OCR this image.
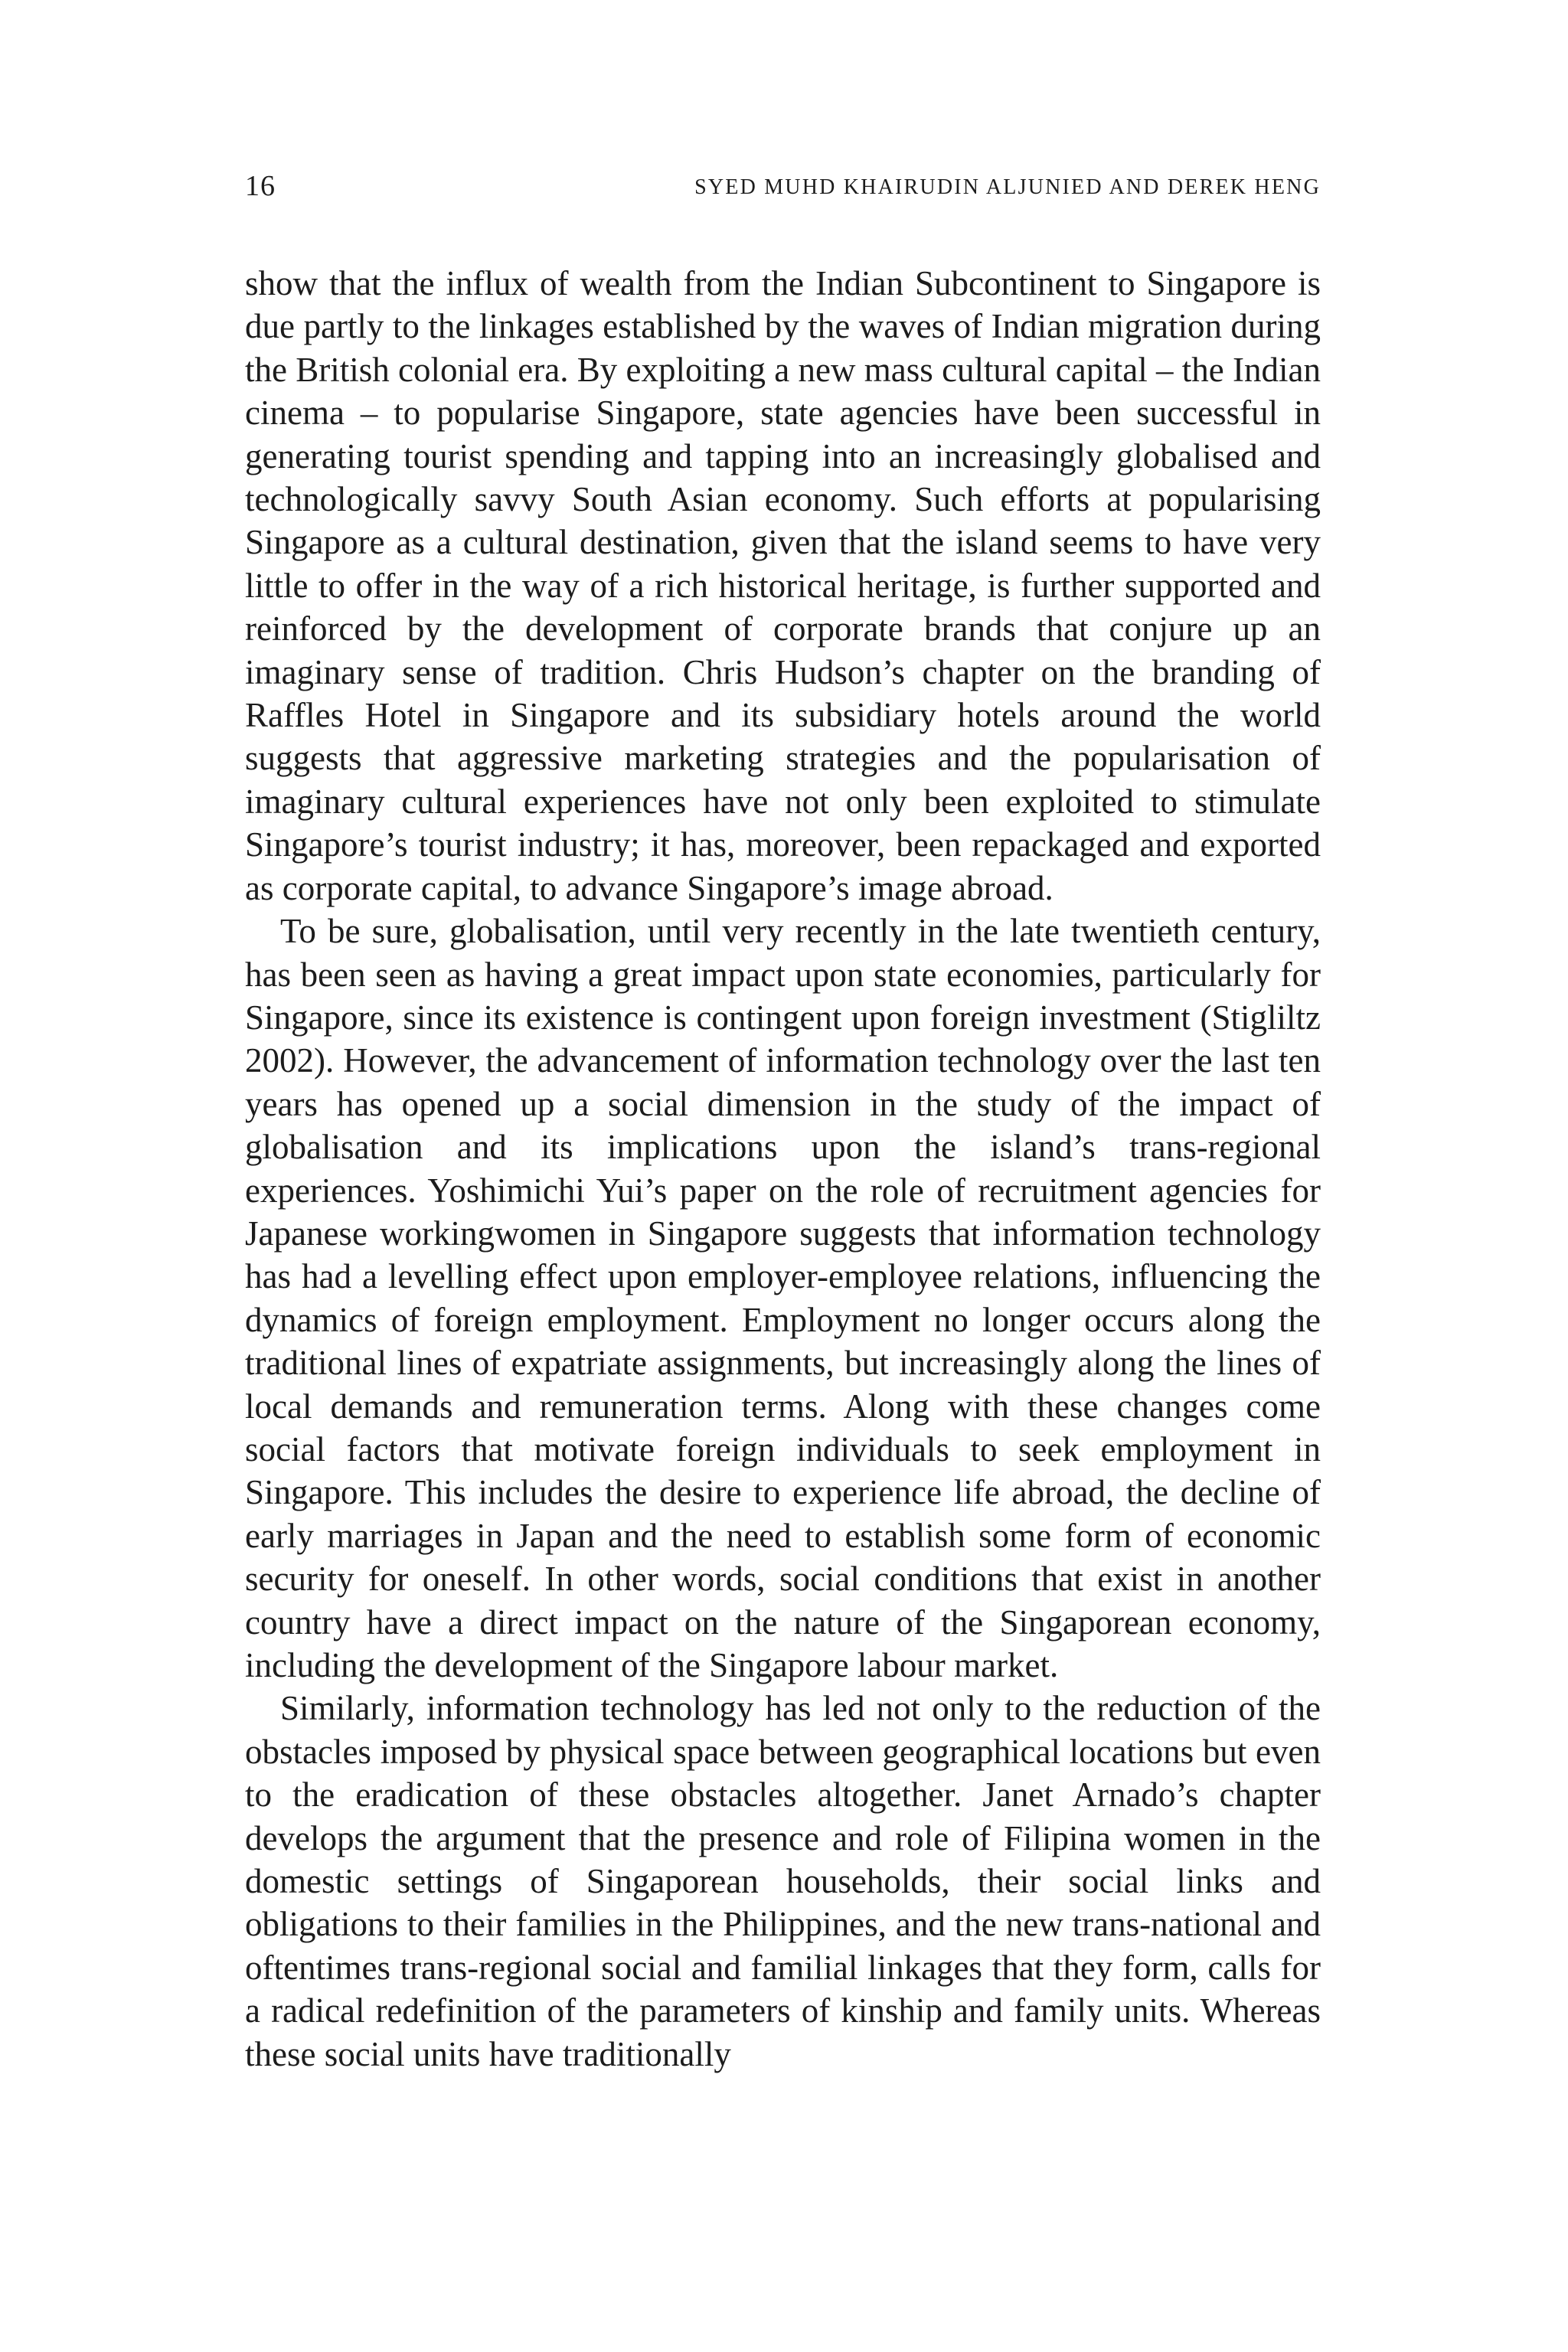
16	SYED MUHD KHAIRUDIN ALJUNIED AND DEREK HENG

show that the influx of wealth from the Indian Subcontinent to Singapore is due partly to the linkages established by the waves of Indian migration during the British colonial era. By exploiting a new mass cultural capital – the Indian cinema – to popularise Singapore, state agencies have been successful in generating tourist spending and tapping into an increasingly globalised and technologically savvy South Asian economy. Such efforts at popularising Singapore as a cultural destination, given that the island seems to have very little to offer in the way of a rich historical heritage, is further supported and reinforced by the development of corporate brands that conjure up an imaginary sense of tradition. Chris Hudson’s chapter on the branding of Raffles Hotel in Singapore and its subsidiary hotels around the world suggests that aggressive marketing strategies and the popularisation of imaginary cultural experiences have not only been exploited to stimulate Singapore’s tourist industry; it has, moreover, been repackaged and exported as corporate capital, to advance Singapore’s image abroad.

To be sure, globalisation, until very recently in the late twentieth century, has been seen as having a great impact upon state economies, particularly for Singapore, since its existence is contingent upon foreign investment (Stigliltz 2002). However, the advancement of information technology over the last ten years has opened up a social dimension in the study of the impact of globalisation and its implications upon the island’s trans-regional experiences. Yoshimichi Yui’s paper on the role of recruitment agencies for Japanese workingwomen in Singapore suggests that information technology has had a levelling effect upon employer-employee relations, influencing the dynamics of foreign employment. Employment no longer occurs along the traditional lines of expatriate assignments, but increasingly along the lines of local demands and remuneration terms. Along with these changes come social factors that motivate foreign individuals to seek employment in Singapore. This includes the desire to experience life abroad, the decline of early marriages in Japan and the need to establish some form of economic security for oneself. In other words, social conditions that exist in another country have a direct impact on the nature of the Singaporean economy, including the development of the Singapore labour market.

Similarly, information technology has led not only to the reduction of the obstacles imposed by physical space between geographical locations but even to the eradication of these obstacles altogether. Janet Arnado’s chapter develops the argument that the presence and role of Filipina women in the domestic settings of Singaporean households, their social links and obligations to their families in the Philippines, and the new trans-national and oftentimes trans-regional social and familial linkages that they form, calls for a radical redefinition of the parameters of kinship and family units. Whereas these social units have traditionally
